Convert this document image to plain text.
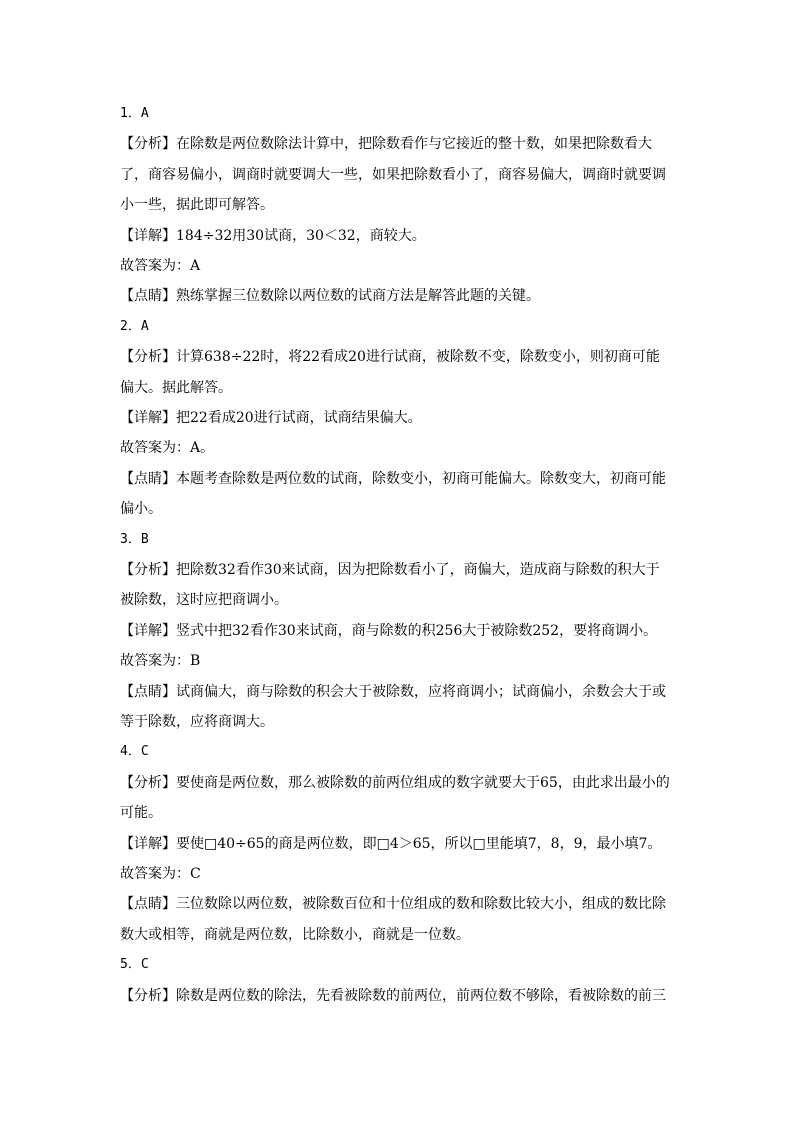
1．A
【分析】在除数是两位数除法计算中，把除数看作与它接近的整十数，如果把除数看大
了，商容易偏小，调商时就要调大一些，如果把除数看小了，商容易偏大，调商时就要调
小一些，据此即可解答。
【详解】184÷32用30试商，30＜32，商较大。
故答案为：A
【点睛】熟练掌握三位数除以两位数的试商方法是解答此题的关键。
2．A
【分析】计算638÷22时，将22看成20进行试商，被除数不变，除数变小，则初商可能
偏大。据此解答。
【详解】把22看成20进行试商，试商结果偏大。
故答案为：A。
【点睛】本题考查除数是两位数的试商，除数变小，初商可能偏大。除数变大，初商可能
偏小。
3．B
【分析】把除数32看作30来试商，因为把除数看小了，商偏大，造成商与除数的积大于
被除数，这时应把商调小。
【详解】竖式中把32看作30来试商，商与除数的积256大于被除数252，要将商调小。
故答案为：B
【点睛】试商偏大，商与除数的积会大于被除数，应将商调小；试商偏小，余数会大于或
等于除数，应将商调大。
4．C
【分析】要使商是两位数，那么被除数的前两位组成的数字就要大于65，由此求出最小的
可能。
【详解】要使□40÷65的商是两位数，即□4＞65，所以□里能填7，8，9，最小填7。
故答案为：C
【点睛】三位数除以两位数，被除数百位和十位组成的数和除数比较大小，组成的数比除
数大或相等，商就是两位数，比除数小，商就是一位数。
5．C
【分析】除数是两位数的除法，先看被除数的前两位，前两位数不够除，看被除数的前三
